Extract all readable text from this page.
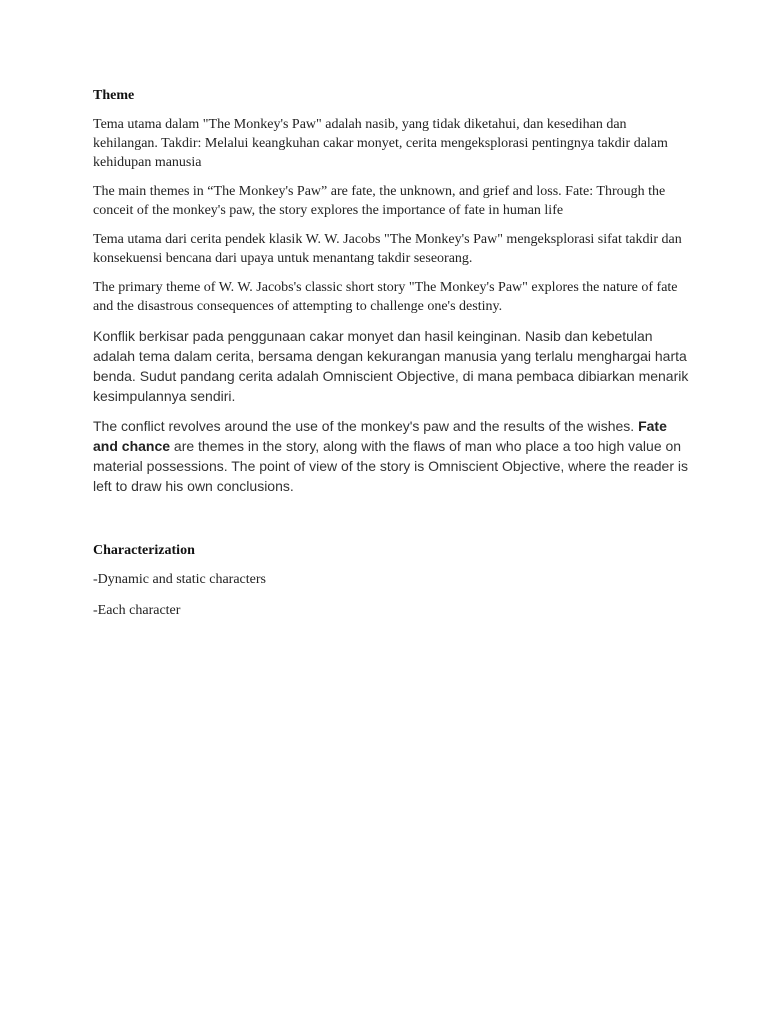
Theme

Tema utama dalam "The Monkey's Paw" adalah nasib, yang tidak diketahui, dan kesedihan dan kehilangan. Takdir: Melalui keangkuhan cakar monyet, cerita mengeksplorasi pentingnya takdir dalam kehidupan manusia

The main themes in “The Monkey's Paw” are fate, the unknown, and grief and loss. Fate: Through the conceit of the monkey's paw, the story explores the importance of fate in human life

Tema utama dari cerita pendek klasik W. W. Jacobs "The Monkey's Paw" mengeksplorasi sifat takdir dan konsekuensi bencana dari upaya untuk menantang takdir seseorang.

The primary theme of W. W. Jacobs's classic short story "The Monkey's Paw" explores the nature of fate and the disastrous consequences of attempting to challenge one's destiny.

Konflik berkisar pada penggunaan cakar monyet dan hasil keinginan. Nasib dan kebetulan adalah tema dalam cerita, bersama dengan kekurangan manusia yang terlalu menghargai harta benda. Sudut pandang cerita adalah Omniscient Objective, di mana pembaca dibiarkan menarik kesimpulannya sendiri.

The conflict revolves around the use of the monkey's paw and the results of the wishes. Fate and chance are themes in the story, along with the flaws of man who place a too high value on material possessions. The point of view of the story is Omniscient Objective, where the reader is left to draw his own conclusions.

Characterization

-Dynamic and static characters

-Each character
